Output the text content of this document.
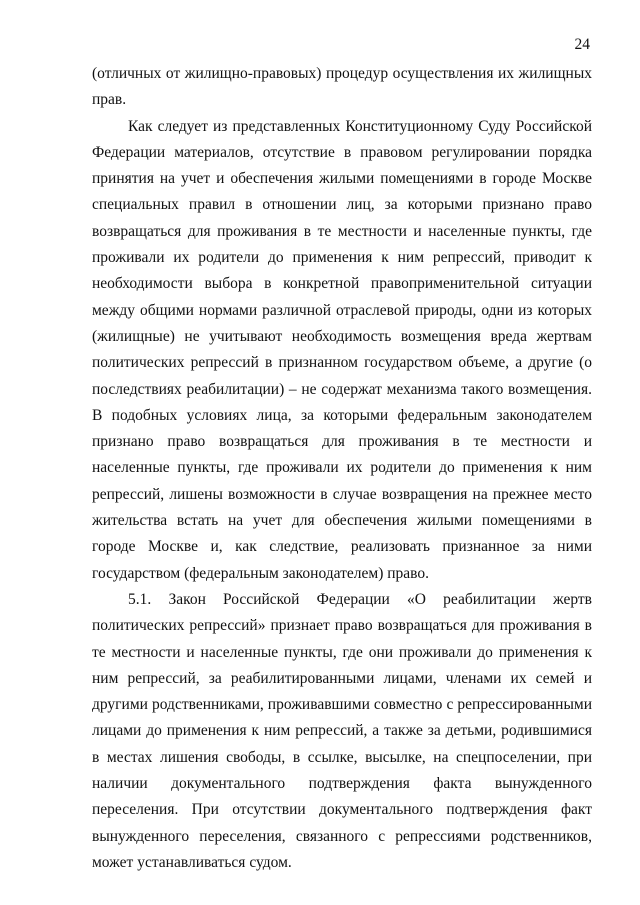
24

(отличных от жилищно-правовых) процедур осуществления их жилищных прав.

Как следует из представленных Конституционному Суду Российской Федерации материалов, отсутствие в правовом регулировании порядка принятия на учет и обеспечения жилыми помещениями в городе Москве специальных правил в отношении лиц, за которыми признано право возвращаться для проживания в те местности и населенные пункты, где проживали их родители до применения к ним репрессий, приводит к необходимости выбора в конкретной правоприменительной ситуации между общими нормами различной отраслевой природы, одни из которых (жилищные) не учитывают необходимость возмещения вреда жертвам политических репрессий в признанном государством объеме, а другие (о последствиях реабилитации) – не содержат механизма такого возмещения. В подобных условиях лица, за которыми федеральным законодателем признано право возвращаться для проживания в те местности и населенные пункты, где проживали их родители до применения к ним репрессий, лишены возможности в случае возвращения на прежнее место жительства встать на учет для обеспечения жилыми помещениями в городе Москве и, как следствие, реализовать признанное за ними государством (федеральным законодателем) право.

5.1. Закон Российской Федерации «О реабилитации жертв политических репрессий» признает право возвращаться для проживания в те местности и населенные пункты, где они проживали до применения к ним репрессий, за реабилитированными лицами, членами их семей и другими родственниками, проживавшими совместно с репрессированными лицами до применения к ним репрессий, а также за детьми, родившимися в местах лишения свободы, в ссылке, высылке, на спецпоселении, при наличии документального подтверждения факта вынужденного переселения. При отсутствии документального подтверждения факт вынужденного переселения, связанного с репрессиями родственников, может устанавливаться судом.
